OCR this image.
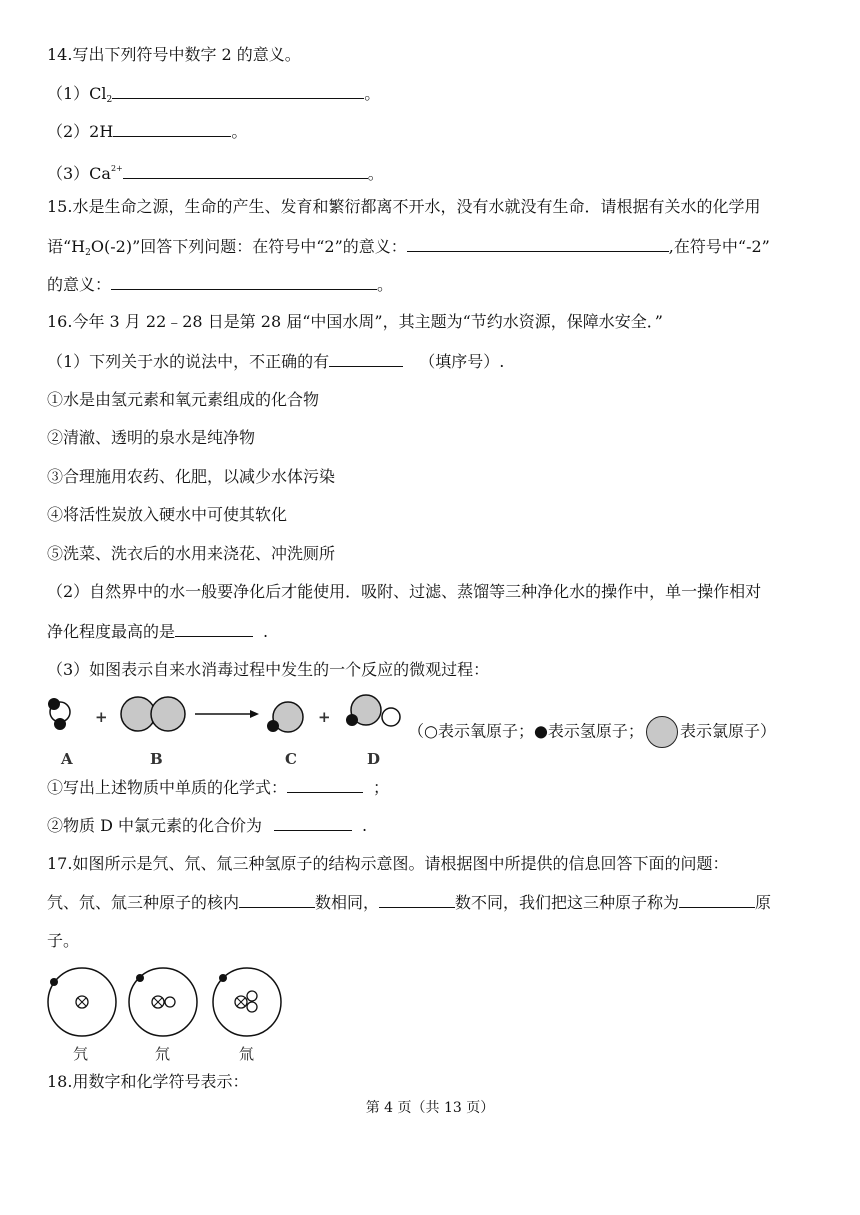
14.写出下列符号中数字 2 的意义。
$(1)Cl_2$	。
（2）2H	。
$(3)Ca^{2+}$	。
15.水是生命之源，生命的产生、发育和繁衍都离不开水，没有水就没有生命．请根据有关水的化学用
语“$H_2O(-2)$”回答下列问题：在符号中“2”的意义：	,在符号中“-2”
的意义：	。
16.今年 3 月 22﹣28 日是第 28 届“中国水周”，其主题为“节约水资源，保障水安全．”
（1）下列关于水的说法中，不正确的有	（填序号）.
①水是由氢元素和氧元素组成的化合物
②清澈、透明的泉水是纯净物
③合理施用农药、化肥，以减少水体污染
④将活性炭放入硬水中可使其软化
⑤洗菜、洗衣后的水用来浇花、冲洗厕所
（2）自然界中的水一般要净化后才能使用．吸附、过滤、蒸馏等三种净化水的操作中，单一操作相对
净化程度最高的是	.
（3）如图表示自来水消毒过程中发生的一个反应的微观过程：
+	+
A	B	C	D
（○表示氧原子；●表示氢原子； 表示氯原子）
①写出上述物质中单质的化学式：	；
②物质 D 中氯元素的化合价为	.
17.如图所示是氕、氘、氚三种氢原子的结构示意图。请根据图中所提供的信息回答下面的问题：
氕、氘、氚三种原子的核内	数相同，	数不同，我们把这三种原子称为	原
子。
氕	氘	氚
18.用数字和化学符号表示：
第 4 页（共 13 页）
